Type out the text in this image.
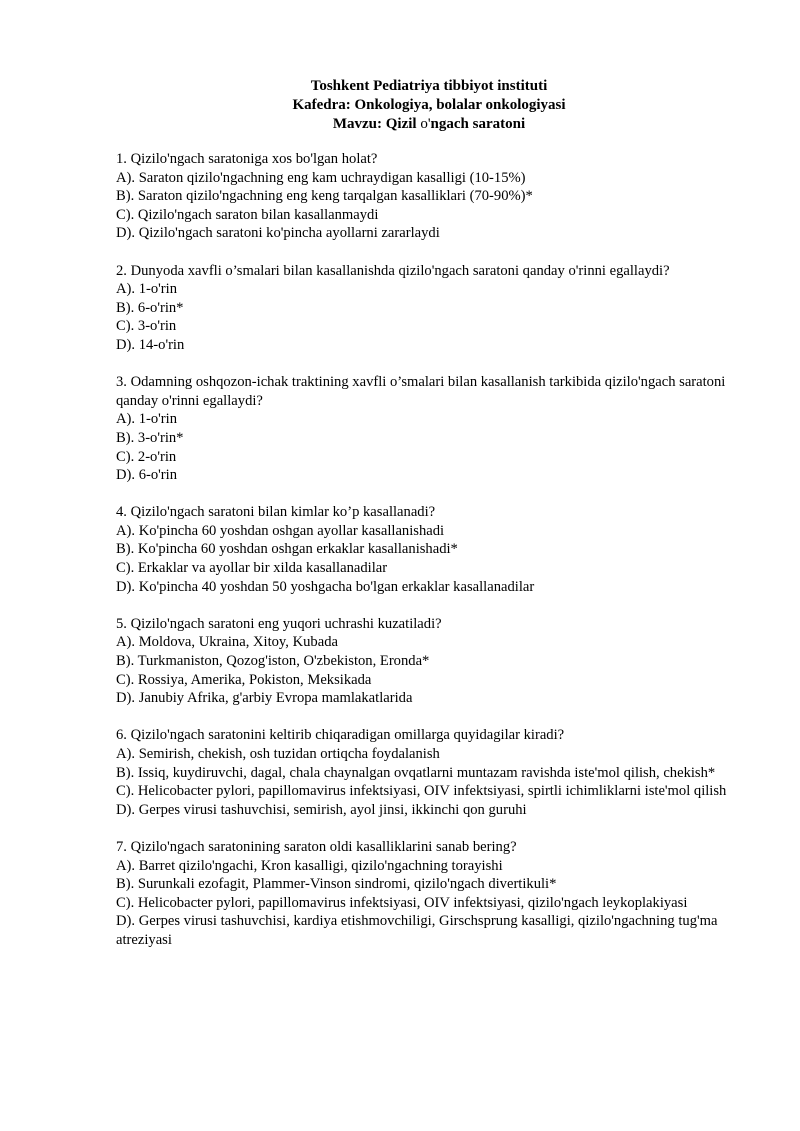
Toshkent Pediatriya tibbiyot instituti
Kafedra: Onkologiya, bolalar onkologiyasi
Mavzu: Qizil o'ngach saratoni
1. Qizilo'ngach saratoniga xos bo'lgan holat?
A). Saraton qizilo'ngachning eng kam uchraydigan kasalligi (10-15%)
B). Saraton qizilo'ngachning eng keng tarqalgan kasalliklari (70-90%)*
C). Qizilo'ngach saraton bilan kasallanmaydi
D). Qizilo'ngach saratoni ko'pincha ayollarni zararlaydi
2. Dunyoda xavfli o’smalari bilan kasallanishda qizilo'ngach saratoni qanday o'rinni egallaydi?
A). 1-o'rin
B). 6-o'rin*
C). 3-o'rin
D). 14-o'rin
3. Odamning oshqozon-ichak traktining xavfli o’smalari bilan kasallanish tarkibida qizilo'ngach saratoni qanday o'rinni egallaydi?
A). 1-o'rin
B). 3-o'rin*
C). 2-o'rin
D). 6-o'rin
4. Qizilo'ngach saratoni bilan kimlar ko’p kasallanadi?
A). Ko'pincha 60 yoshdan oshgan ayollar kasallanishadi
B). Ko'pincha 60 yoshdan oshgan erkaklar kasallanishadi*
C). Erkaklar va ayollar bir xilda kasallanadilar
D). Ko'pincha 40 yoshdan 50 yoshgacha bo'lgan erkaklar kasallanadilar
5. Qizilo'ngach saratoni eng yuqori uchrashi kuzatiladi?
A). Moldova, Ukraina, Xitoy, Kubada
B). Turkmaniston, Qozog'iston, O'zbekiston, Eronda*
C). Rossiya, Amerika, Pokiston, Meksikada
D). Janubiy Afrika, g'arbiy Evropa mamlakatlarida
6. Qizilo'ngach saratonini keltirib chiqaradigan omillarga quyidagilar kiradi?
A). Semirish, chekish, osh tuzidan ortiqcha foydalanish
B). Issiq, kuydiruvchi, dagal, chala chaynalgan ovqatlarni muntazam ravishda iste'mol qilish, chekish*
C). Helicobacter pylori, papillomavirus infektsiyasi, OIV infektsiyasi, spirtli ichimliklarni iste'mol qilish
D). Gerpes virusi tashuvchisi, semirish, ayol jinsi, ikkinchi qon guruhi
7. Qizilo'ngach saratonining saraton oldi kasalliklarini sanab bering?
A). Barret qizilo'ngachi, Kron kasalligi, qizilo'ngachning torayishi
B). Surunkali ezofagit, Plammer-Vinson sindromi, qizilo'ngach divertikuli*
C). Helicobacter pylori, papillomavirus infektsiyasi, OIV infektsiyasi, qizilo'ngach leykoplakiyasi
D). Gerpes virusi tashuvchisi, kardiya etishmovchiligi, Girschsprung kasalligi, qizilo'ngachning tug'ma atreziyasi
